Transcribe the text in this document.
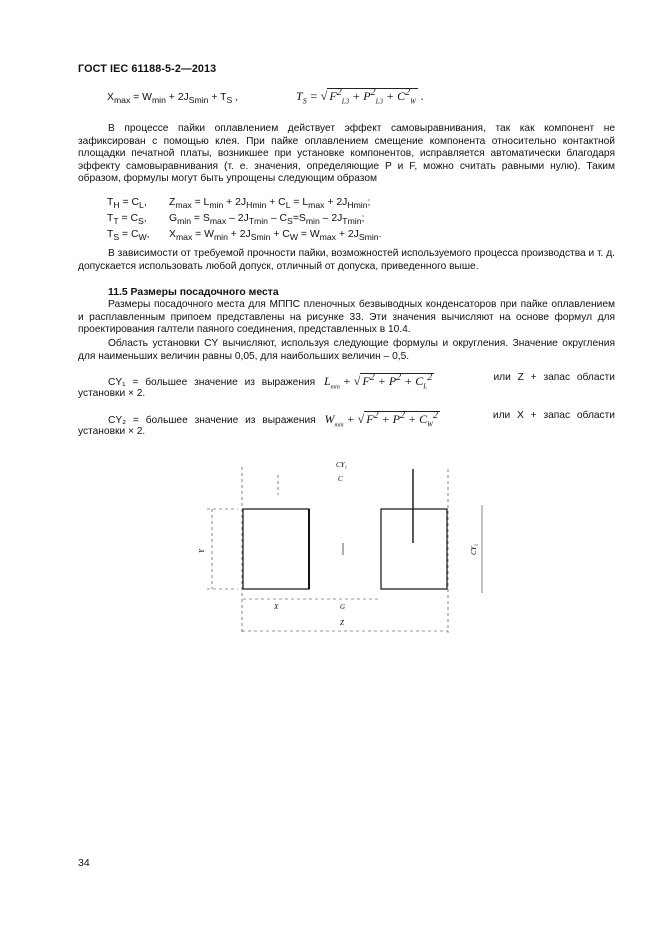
ГОСТ IEC 61188-5-2—2013
$X_{max} = W_{min} + 2J_{Smin} + T_S$ ,	$T_S$ = √ $F^2_{L3} + P^2_{L3} + C^2_W$ .
В процессе пайки оплавлением действует эффект самовыравнивания, так как компонент не зафиксирован с помощью клея. При пайке оплавлением смещение компонента относительно контактной площадки печатной платы, возникшее при установке компонентов, исправляется автоматически благодаря эффекту самовыравнивания (т. е. значения, определяющие P и F, можно считать равными нулю). Таким образом, формулы могут быть упрощены следующим образом
$T_H = C_L$, $Z_{max} = L_{min} + 2J_{Hmin} + C_L = L_{max} + 2J_{Hmin}$;
$T_T = C_S$, $G_{min} = S_{max} - 2J_{Tmin} - C_S=S_{min} - 2J_{Tmin}$;
$T_S = C_W$, $X_{max} = W_{min} + 2J_{Smin} + C_W = W_{max} + 2J_{Smin}$.
В зависимости от требуемой прочности пайки, возможностей используемого процесса производства и т. д. допускается использовать любой допуск, отличный от допуска, приведенного выше.
11.5 Размеры посадочного места
Размеры посадочного места для МППС пленочных безвыводных конденсаторов при пайке оплавлением и расплавленным припоем представлены на рисунке 33. Эти значения вычисляют на основе формул для проектирования галтели паяного соединения, представленных в 10.4.
Область установки CY вычисляют, используя следующие формулы и округления. Значение округления для наименьших величин равны 0,05, для наибольших величин – 0,5.
CY₁ = большее значение из выражения $L_{min}$ + √ $F^2 + P^2 + C_L^2$	или Z + запас области
установки × 2.
CY₂ = большее значение из выражения $W_{min}$ + √ $F^2 + P^2 + C_W^2$	или X + запас области
установки × 2.
CY₁
C
Y
X	G
Z
CY₂
34
